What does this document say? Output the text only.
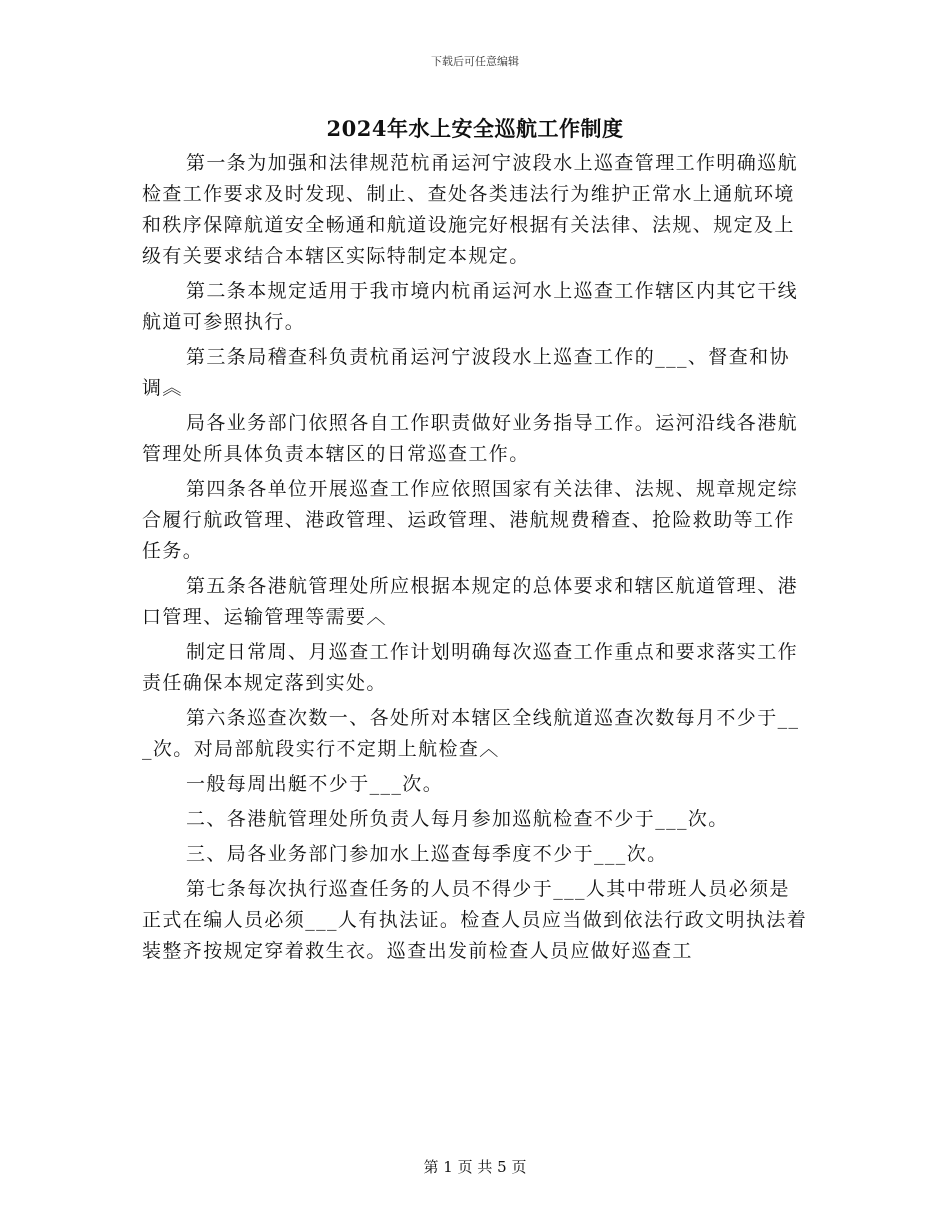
下载后可任意编辑
2024年水上安全巡航工作制度

第一条为加强和法律规范杭甬运河宁波段水上巡查管理工作明确巡航检查工作要求及时发现、制止、查处各类违法行为维护正常水上通航环境和秩序保障航道安全畅通和航道设施完好根据有关法律、法规、规定及上级有关要求结合本辖区实际特制定本规定。

第二条本规定适用于我市境内杭甬运河水上巡查工作辖区内其它干线航道可参照执行。

第三条局稽查科负责杭甬运河宁波段水上巡查工作的___、督查和协调︽

局各业务部门依照各自工作职责做好业务指导工作。运河沿线各港航管理处所具体负责本辖区的日常巡查工作。

第四条各单位开展巡查工作应依照国家有关法律、法规、规章规定综合履行航政管理、港政管理、运政管理、港航规费稽查、抢险救助等工作任务。

第五条各港航管理处所应根据本规定的总体要求和辖区航道管理、港口管理、运输管理等需要︿

制定日常周、月巡查工作计划明确每次巡查工作重点和要求落实工作责任确保本规定落到实处。

第六条巡查次数一、各处所对本辖区全线航道巡查次数每月不少于___次。对局部航段实行不定期上航检查︿

一般每周出艇不少于___次。

二、各港航管理处所负责人每月参加巡航检查不少于___次。

三、局各业务部门参加水上巡查每季度不少于___次。

第七条每次执行巡查任务的人员不得少于___人其中带班人员必须是正式在编人员必须___人有执法证。检查人员应当做到依法行政文明执法着装整齐按规定穿着救生衣。巡查出发前检查人员应做好巡查工

第 1 页 共 5 页
